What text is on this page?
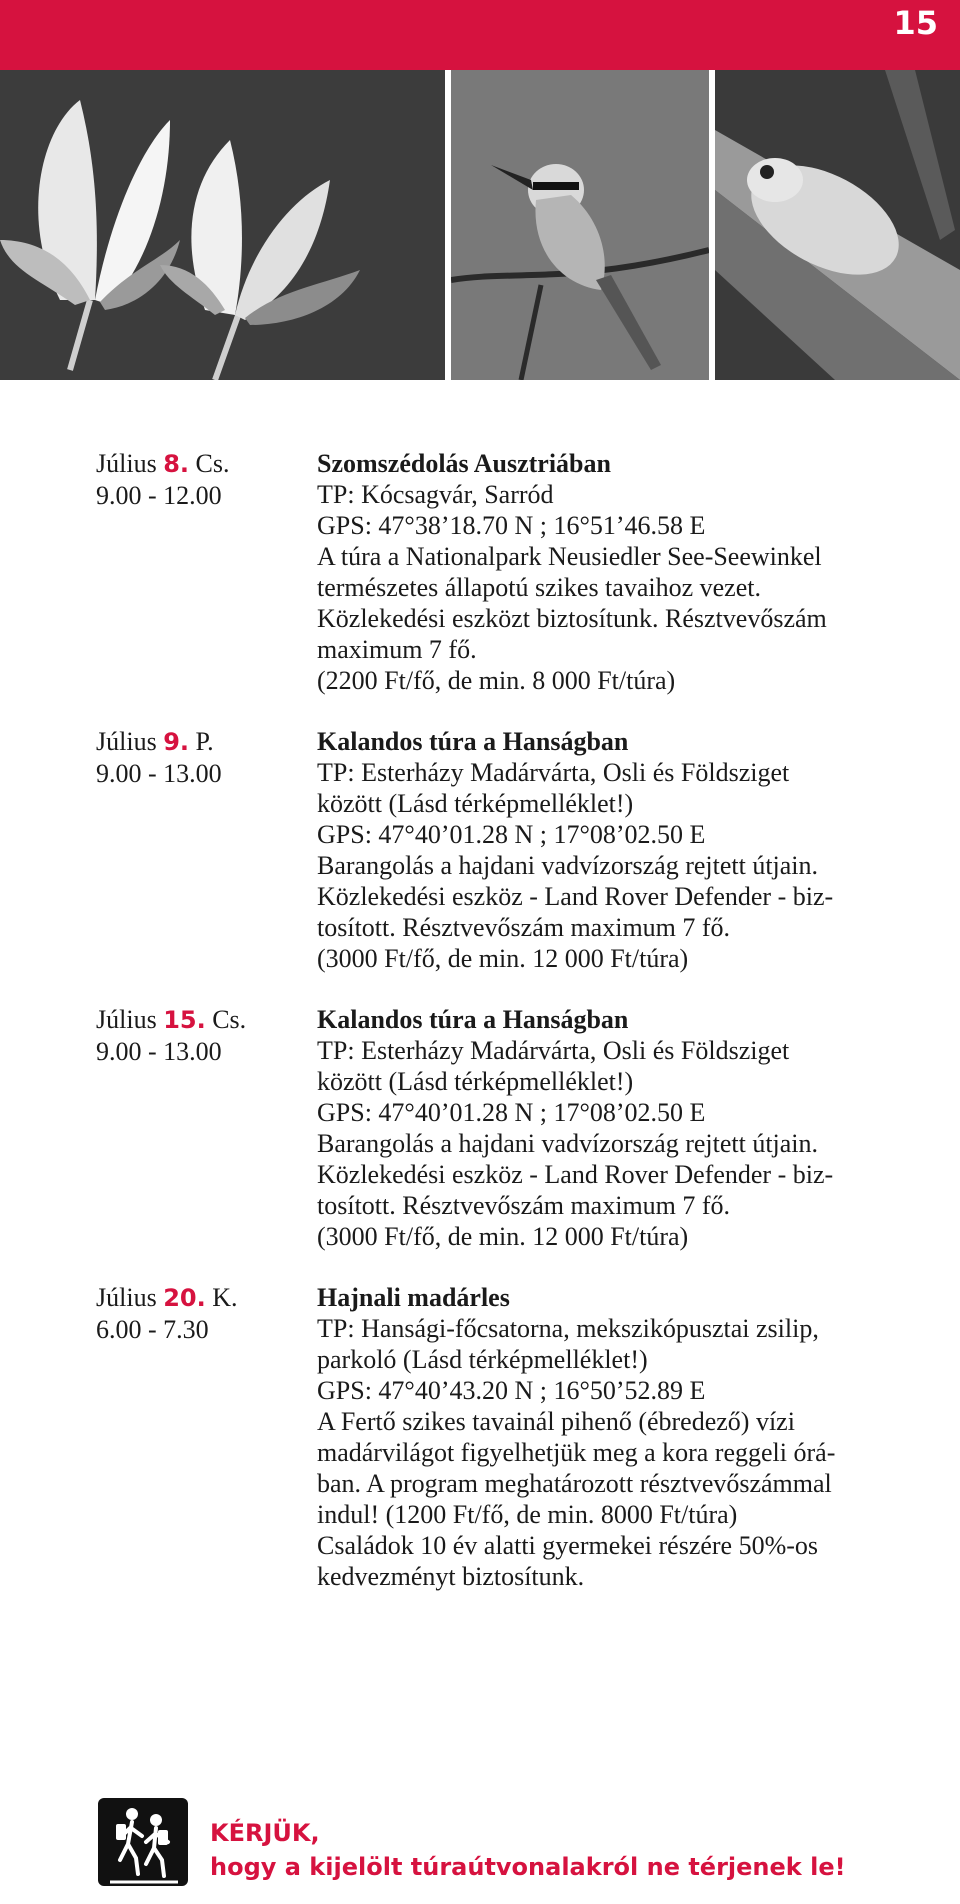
15
Július 8. Cs.
9.00 - 12.00
Szomszédolás Ausztriában
TP: Kócsagvár, Sarród
GPS: 47°38’18.70 N ; 16°51’46.58 E
A túra a Nationalpark Neusiedler See-Seewinkel
természetes állapotú szikes tavaihoz vezet.
Közlekedési eszközt biztosítunk. Résztvevőszám
maximum 7 fő.
(2200 Ft/fő, de min. 8 000 Ft/túra)
Július 9. P.
9.00 - 13.00
Kalandos túra a Hanságban
TP: Esterházy Madárvárta, Osli és Földsziget
között (Lásd térképmelléklet!)
GPS: 47°40’01.28 N ; 17°08’02.50 E
Barangolás a hajdani vadvízország rejtett útjain.
Közlekedési eszköz - Land Rover Defender - biz-
tosított. Résztvevőszám maximum 7 fő.
(3000 Ft/fő, de min. 12 000 Ft/túra)
Július 15. Cs.
9.00 - 13.00
Kalandos túra a Hanságban
TP: Esterházy Madárvárta, Osli és Földsziget
között (Lásd térképmelléklet!)
GPS: 47°40’01.28 N ; 17°08’02.50 E
Barangolás a hajdani vadvízország rejtett útjain.
Közlekedési eszköz - Land Rover Defender - biz-
tosított. Résztvevőszám maximum 7 fő.
(3000 Ft/fő, de min. 12 000 Ft/túra)
Július 20. K.
6.00 - 7.30
Hajnali madárles
TP: Hansági-főcsatorna, mekszikópusztai zsilip,
parkoló (Lásd térképmelléklet!)
GPS: 47°40’43.20 N ; 16°50’52.89 E
A Fertő szikes tavainál pihenő (ébredező) vízi
madárvilágot figyelhetjük meg a kora reggeli órá-
ban. A program meghatározott résztvevőszámmal
indul! (1200 Ft/fő, de min. 8000 Ft/túra)
Családok 10 év alatti gyermekei részére 50%-os
kedvezményt biztosítunk.
KÉRJÜK,
hogy a kijelölt túraútvonalakról ne térjenek le!
